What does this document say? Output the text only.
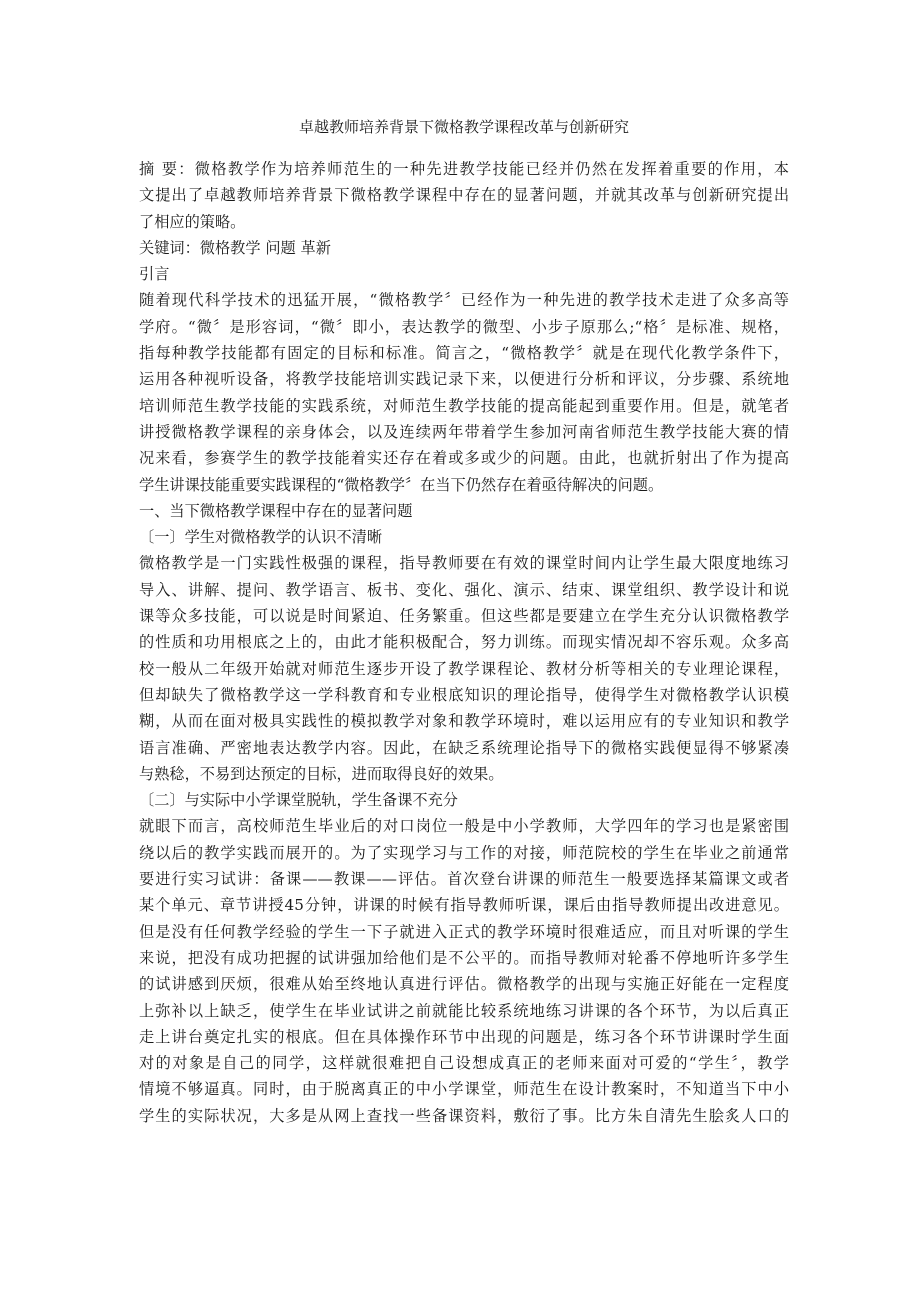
卓越教师培养背景下微格教学课程改革与创新研究
摘 要：微格教学作为培养师范生的一种先进教学技能已经并仍然在发挥着重要的作用，本
文提出了卓越教师培养背景下微格教学课程中存在的显著问题，并就其改革与创新研究提出
了相应的策略。
关键词：微格教学 问题 革新
引言
随着现代科学技术的迅猛开展，“微格教学〞已经作为一种先进的教学技术走进了众多高等
学府。“微〞是形容词，“微〞即小，表达教学的微型、小步子原那么;“格〞是标准、规格，
指每种教学技能都有固定的目标和标准。简言之，“微格教学〞就是在现代化教学条件下，
运用各种视听设备，将教学技能培训实践记录下来，以便进行分析和评议，分步骤、系统地
培训师范生教学技能的实践系统，对师范生教学技能的提高能起到重要作用。但是，就笔者
讲授微格教学课程的亲身体会，以及连续两年带着学生参加河南省师范生教学技能大赛的情
况来看，参赛学生的教学技能着实还存在着或多或少的问题。由此，也就折射出了作为提高
学生讲课技能重要实践课程的“微格教学〞在当下仍然存在着亟待解决的问题。
一、当下微格教学课程中存在的显著问题
〔一〕学生对微格教学的认识不清晰
微格教学是一门实践性极强的课程，指导教师要在有效的课堂时间内让学生最大限度地练习
导入、讲解、提问、教学语言、板书、变化、强化、演示、结束、课堂组织、教学设计和说
课等众多技能，可以说是时间紧迫、任务繁重。但这些都是要建立在学生充分认识微格教学
的性质和功用根底之上的，由此才能积极配合，努力训练。而现实情况却不容乐观。众多高
校一般从二年级开始就对师范生逐步开设了教学课程论、教材分析等相关的专业理论课程，
但却缺失了微格教学这一学科教育和专业根底知识的理论指导，使得学生对微格教学认识模
糊，从而在面对极具实践性的模拟教学对象和教学环境时，难以运用应有的专业知识和教学
语言准确、严密地表达教学内容。因此，在缺乏系统理论指导下的微格实践便显得不够紧凑
与熟稔，不易到达预定的目标，进而取得良好的效果。
〔二〕与实际中小学课堂脱轨，学生备课不充分
就眼下而言，高校师范生毕业后的对口岗位一般是中小学教师，大学四年的学习也是紧密围
绕以后的教学实践而展开的。为了实现学习与工作的对接，师范院校的学生在毕业之前通常
要进行实习试讲：备课——教课——评估。首次登台讲课的师范生一般要选择某篇课文或者
某个单元、章节讲授45分钟，讲课的时候有指导教师听课，课后由指导教师提出改进意见。
但是没有任何教学经验的学生一下子就进入正式的教学环境时很难适应，而且对听课的学生
来说，把没有成功把握的试讲强加给他们是不公平的。而指导教师对轮番不停地听许多学生
的试讲感到厌烦，很难从始至终地认真进行评估。微格教学的出现与实施正好能在一定程度
上弥补以上缺乏，使学生在毕业试讲之前就能比较系统地练习讲课的各个环节，为以后真正
走上讲台奠定扎实的根底。但在具体操作环节中出现的问题是，练习各个环节讲课时学生面
对的对象是自己的同学，这样就很难把自己设想成真正的老师来面对可爱的“学生〞，教学
情境不够逼真。同时，由于脱离真正的中小学课堂，师范生在设计教案时，不知道当下中小
学生的实际状况，大多是从网上查找一些备课资料，敷衍了事。比方朱自清先生脍炙人口的
